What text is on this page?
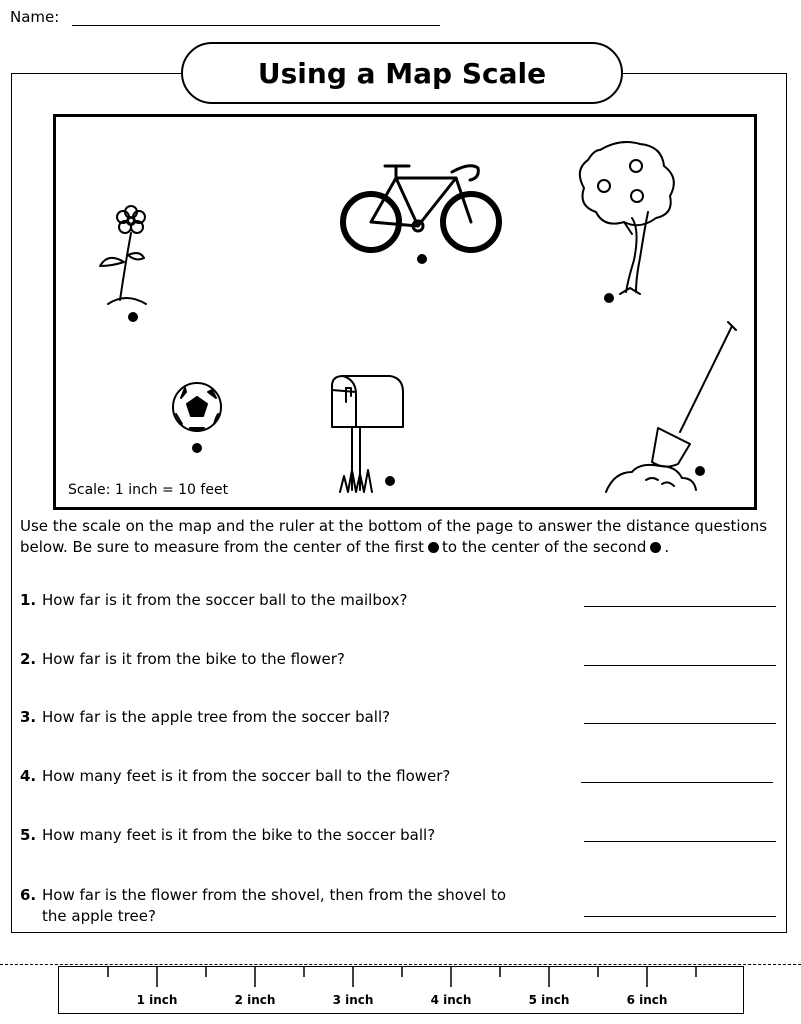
Name:
Using a Map Scale
Scale: 1 inch = 10 feet
Use the scale on the map and the ruler at the bottom of the page to answer the distance questions below. Be sure to measure from the center of the first to the center of the second .
1. How far is it from the soccer ball to the mailbox?
2. How far is it from the bike to the flower?
3. How far is the apple tree from the soccer ball?
4. How many feet is it from the soccer ball to the flower?
5. How many feet is it from the bike to the soccer ball?
6. How far is the flower from the shovel, then from the shovel to the apple tree?
1 inch	2 inch	3 inch	4 inch	5 inch	6 inch
